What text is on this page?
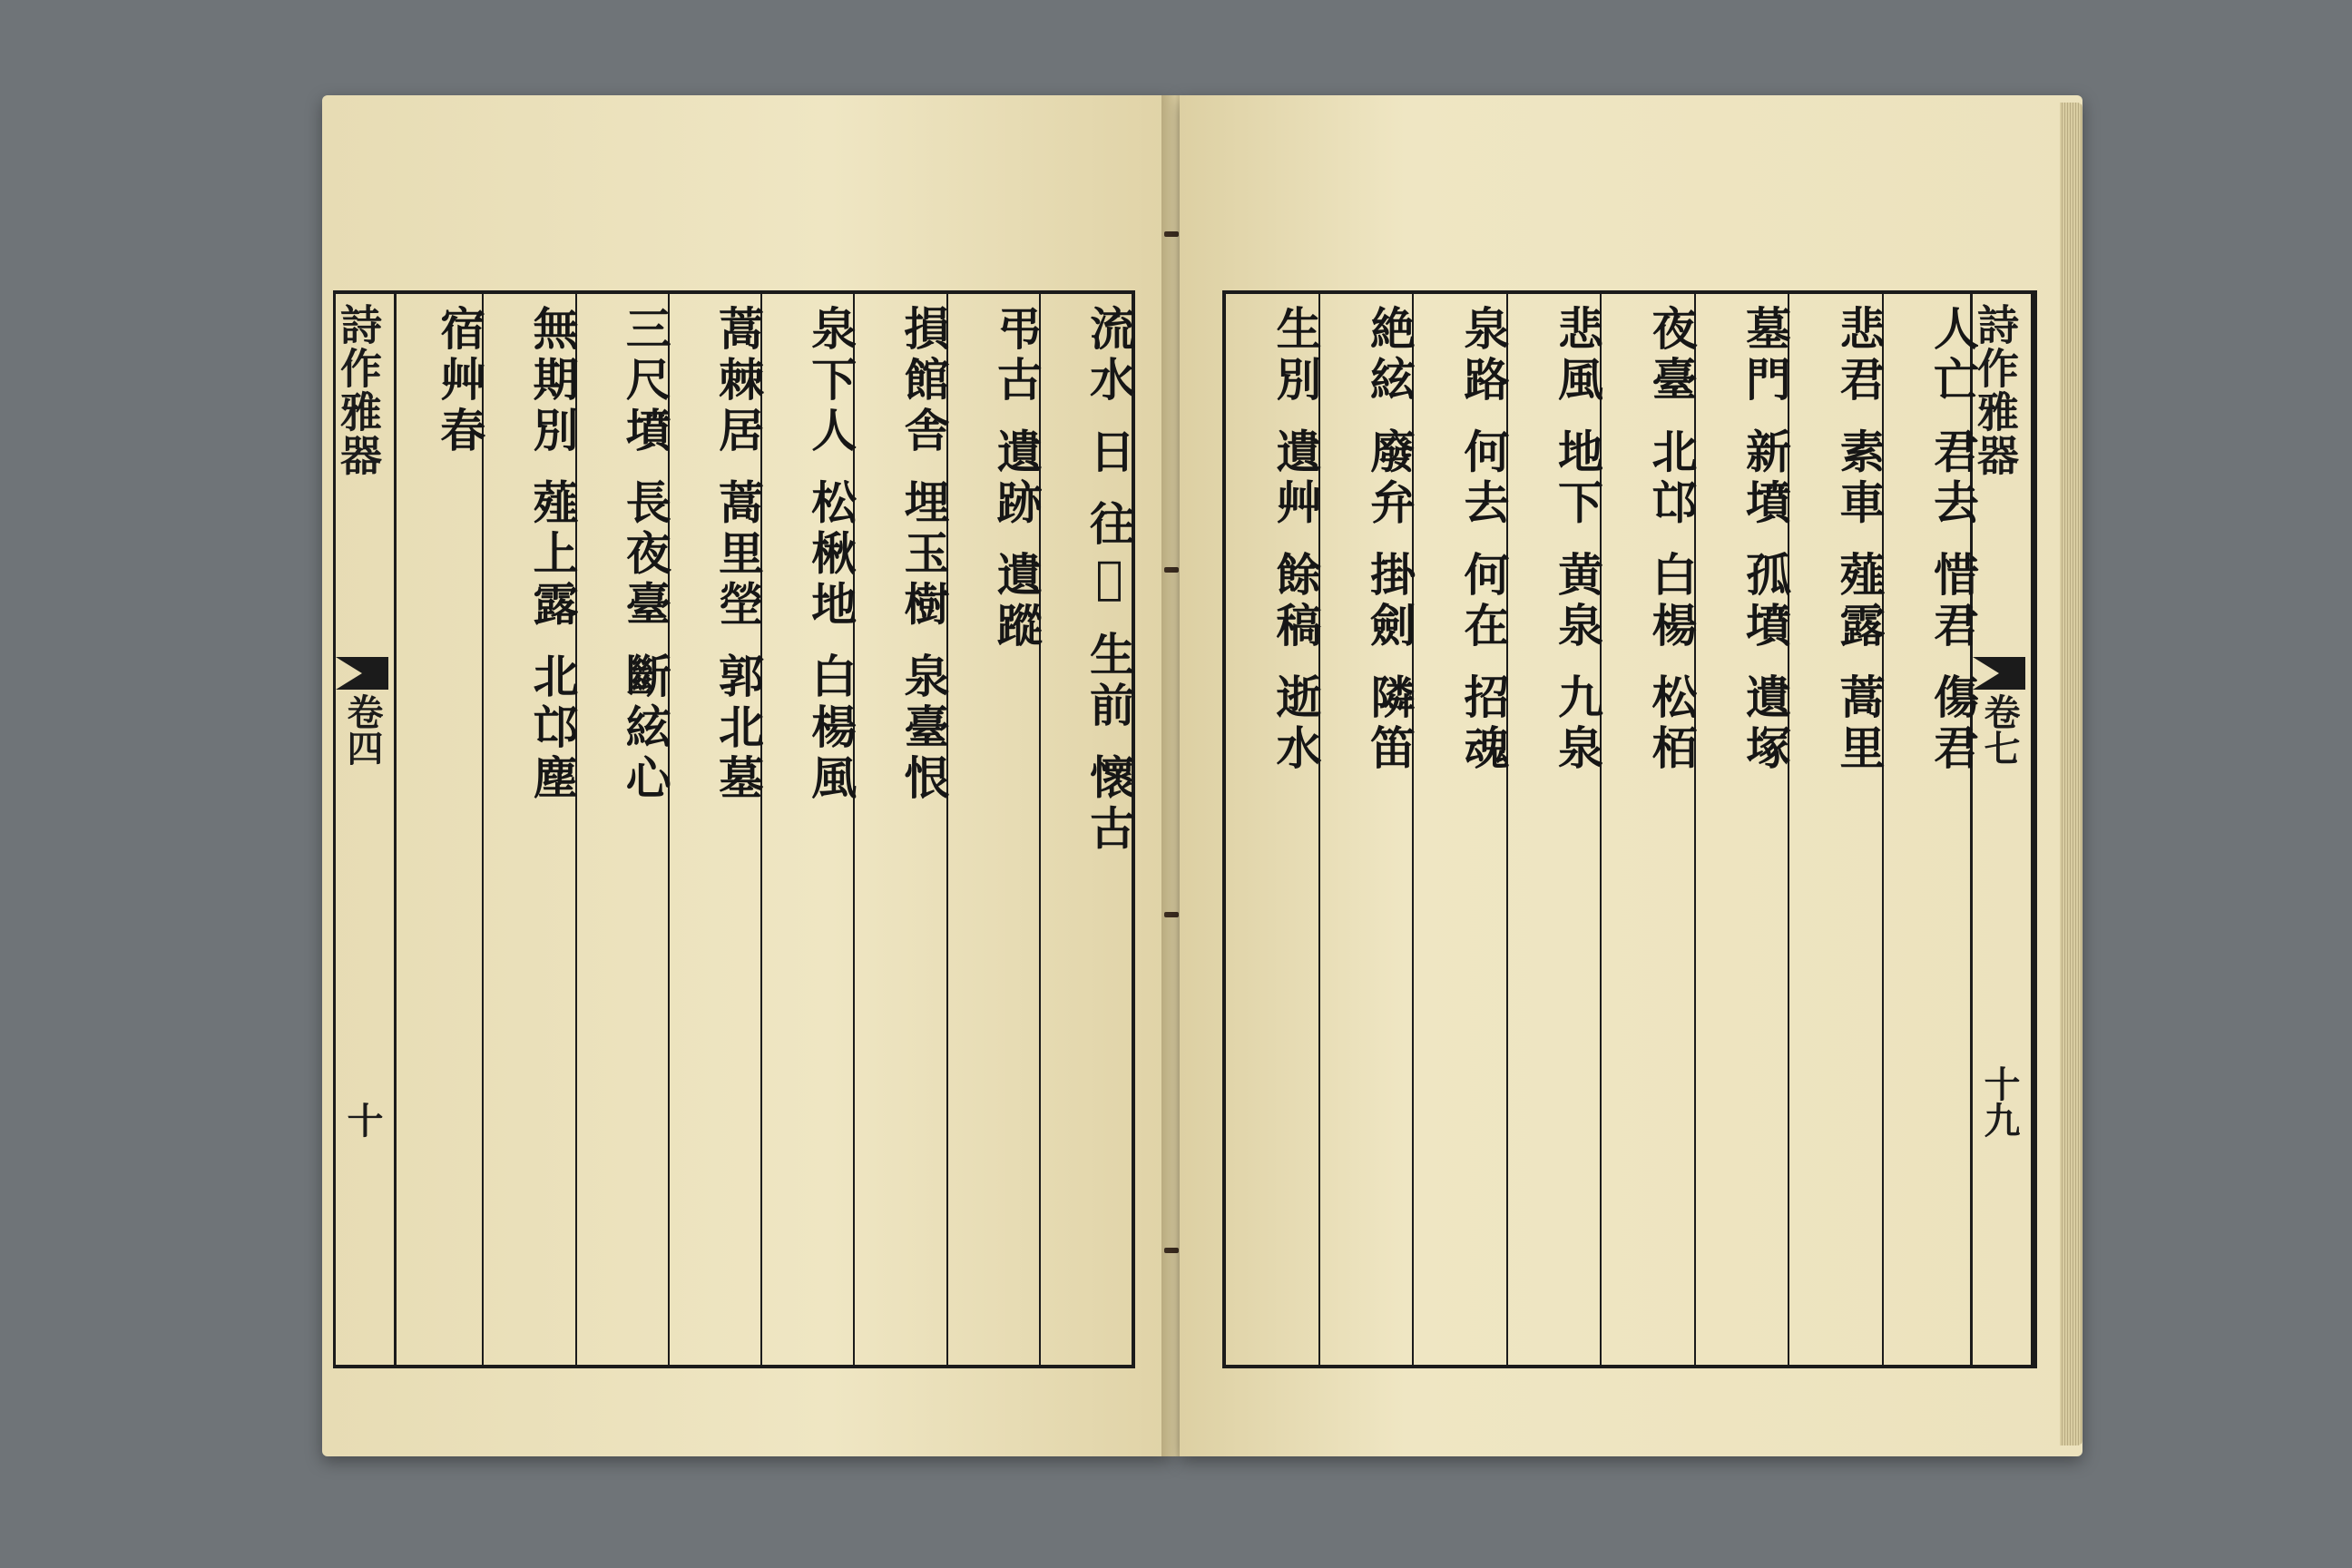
詩作雅器
卷四
十
流水 日 往𠫤 生前 懷古
弔古 遺跡 遺蹤
損館舎 埋玉樹 泉臺恨
泉下人 松楸地 白楊風
蒿棘居 蒿里塋 郭北墓
三尺墳 長夜臺 斷絃心
無期別 薤上露 北邙塵
宿艸春	詩作雅器
卷七
十九
人亡 君去 惜君 傷君
悲君 素車 薤露 蒿里
墓門 新墳 孤墳 遺塚
夜臺 北邙 白楊 松栢
悲風 地下 黄泉 九泉
泉路 何去 何在 招魂
絶絃 廢弁 掛劍 隣笛
生別 遺艸 餘稿 逝水
